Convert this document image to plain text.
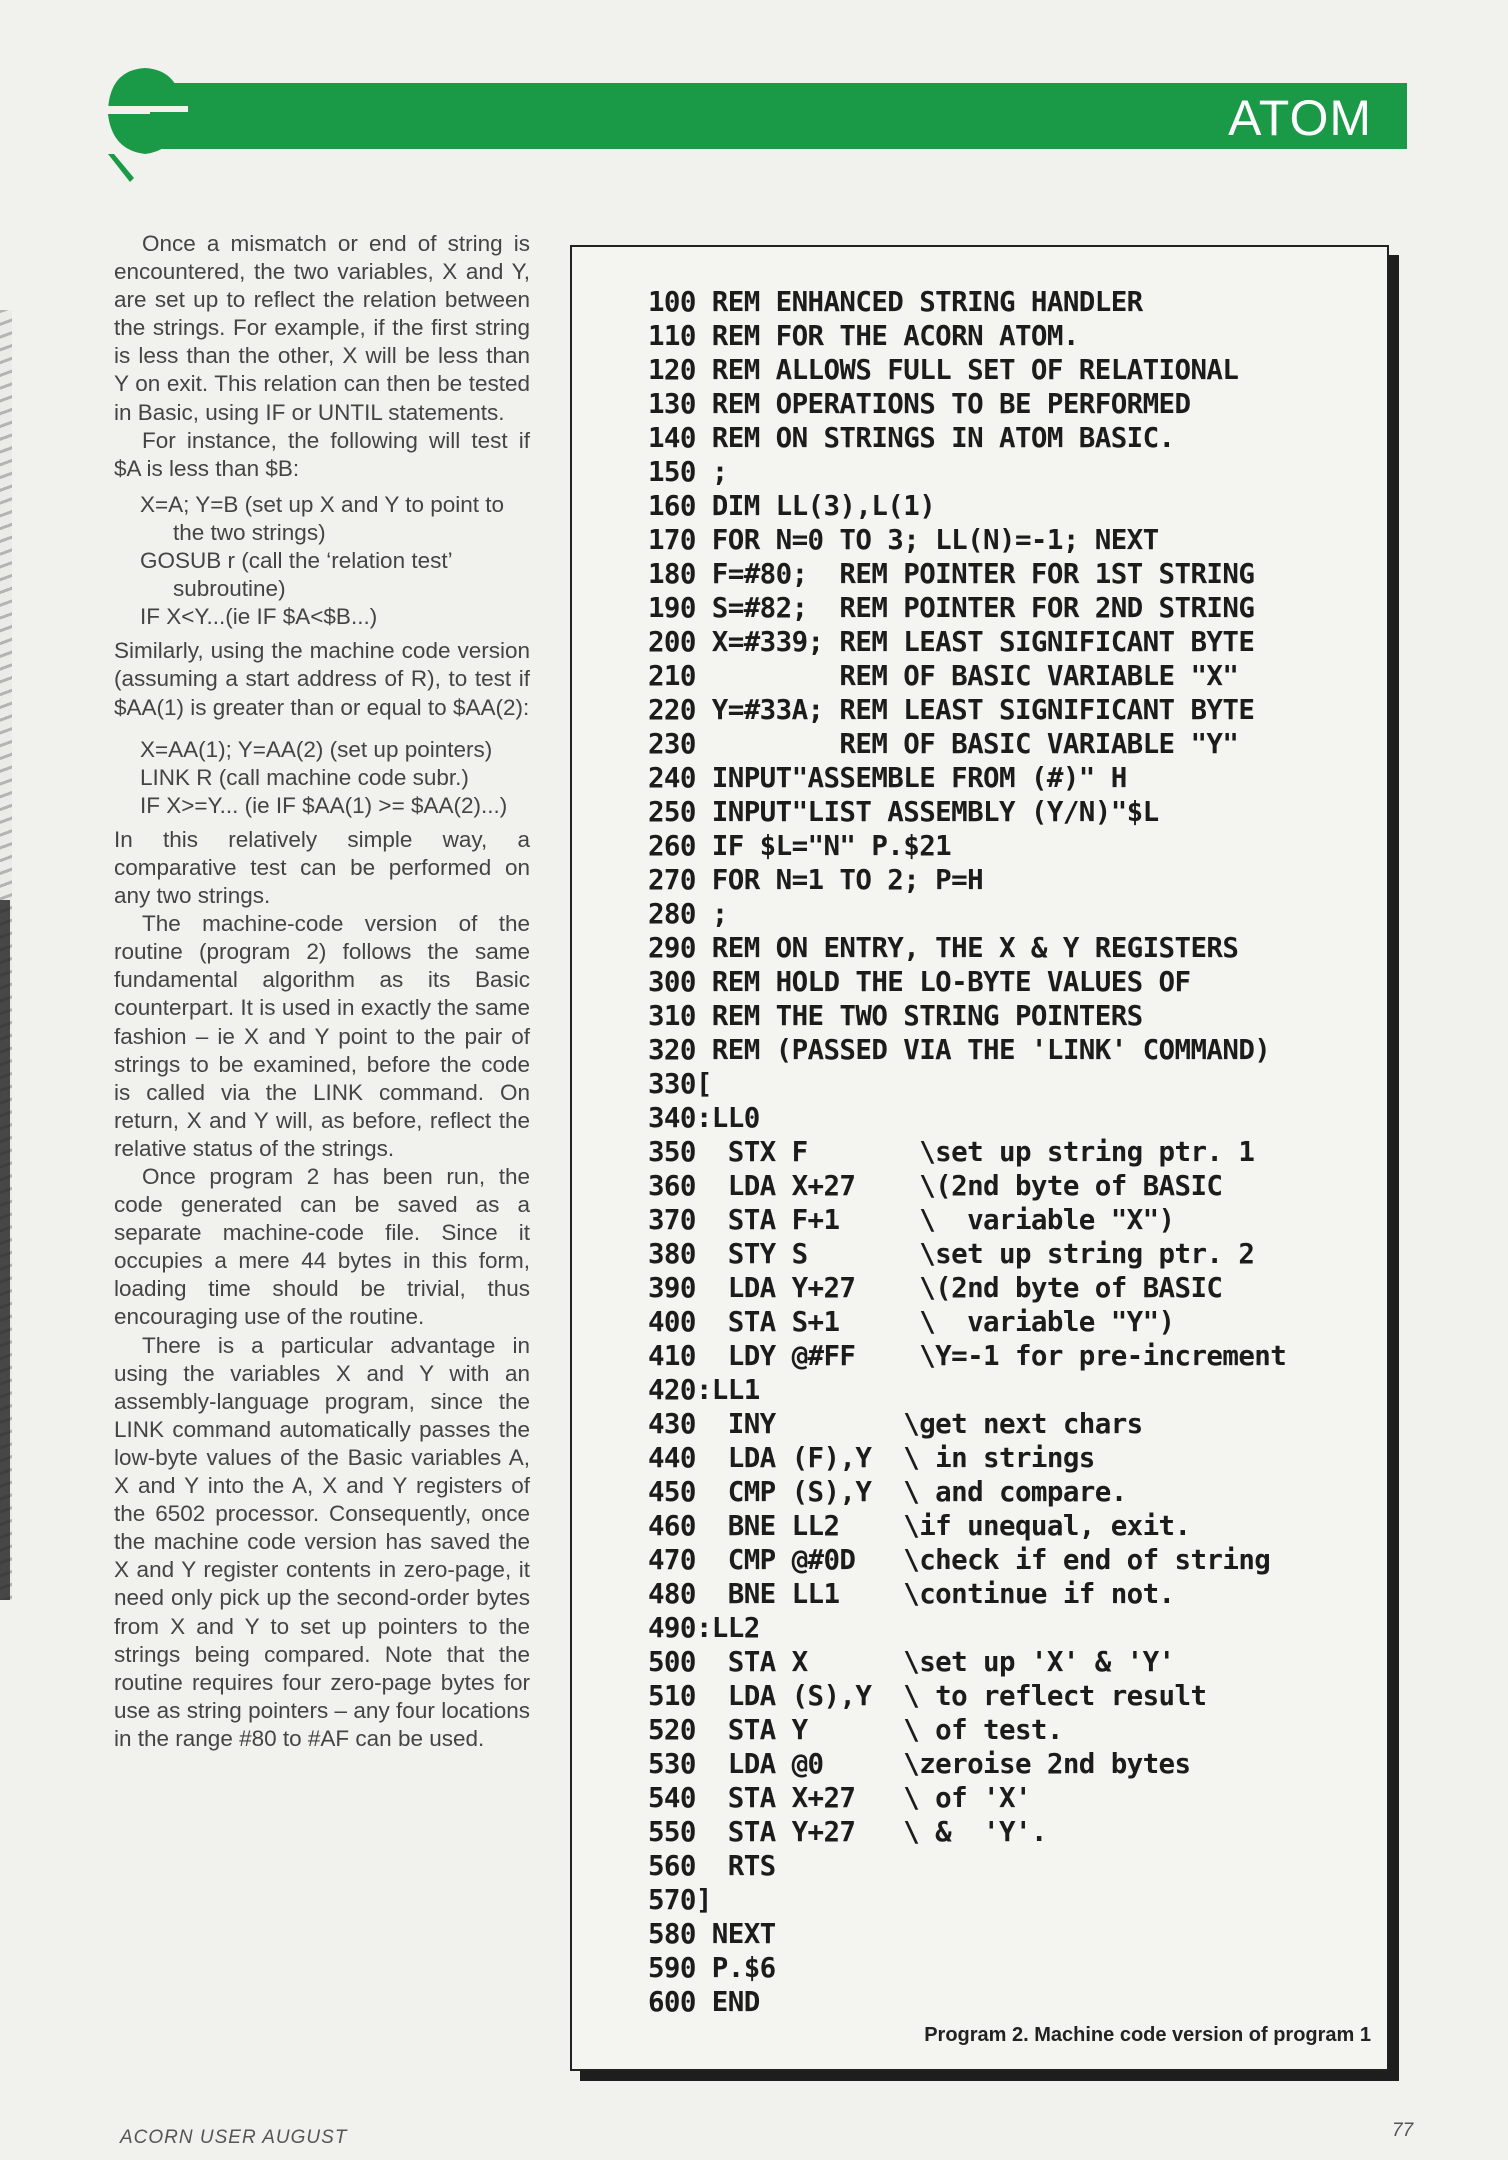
ATOM

Once a mismatch or end of string is encountered, the two variables, X and Y, are set up to reflect the relation between the strings. For example, if the first string is less than the other, X will be less than Y on exit. This relation can then be tested in Basic, using IF or UNTIL statements.

For instance, the following will test if $A is less than $B:

X=A; Y=B (set up X and Y to point to the two strings)
GOSUB r (call the ‘relation test’ subroutine)
IF X<Y...(ie IF $A<$B...)

Similarly, using the machine code version (assuming a start address of R), to test if $AA(1) is greater than or equal to $AA(2):

X=AA(1); Y=AA(2) (set up pointers)
LINK R (call machine code subr.)
IF X>=Y... (ie IF $AA(1) >= $AA(2)...)

In this relatively simple way, a comparative test can be performed on any two strings.

The machine-code version of the routine (program 2) follows the same fundamental algorithm as its Basic counterpart. It is used in exactly the same fashion – ie X and Y point to the pair of strings to be examined, before the code is called via the LINK command. On return, X and Y will, as before, reflect the relative status of the strings.

Once program 2 has been run, the code generated can be saved as a separate machine-code file. Since it occupies a mere 44 bytes in this form, loading time should be trivial, thus encouraging use of the routine.

There is a particular advantage in using the variables X and Y with an assembly-language program, since the LINK command automatically passes the low-byte values of the Basic variables A, X and Y into the A, X and Y registers of the 6502 processor. Consequently, once the machine code version has saved the X and Y register contents in zero-page, it need only pick up the second-order bytes from X and Y to set up pointers to the strings being compared. Note that the routine requires four zero-page bytes for use as string pointers – any four locations in the range #80 to #AF can be used.

100 REM ENHANCED STRING HANDLER
110 REM FOR THE ACORN ATOM.
120 REM ALLOWS FULL SET OF RELATIONAL
130 REM OPERATIONS TO BE PERFORMED
140 REM ON STRINGS IN ATOM BASIC.
150 ;
160 DIM LL(3),L(1)
170 FOR N=0 TO 3; LL(N)=-1; NEXT
180 F=#80;  REM POINTER FOR 1ST STRING
190 S=#82;  REM POINTER FOR 2ND STRING
200 X=#339; REM LEAST SIGNIFICANT BYTE
210         REM OF BASIC VARIABLE "X"
220 Y=#33A; REM LEAST SIGNIFICANT BYTE
230         REM OF BASIC VARIABLE "Y"
240 INPUT"ASSEMBLE FROM (#)" H
250 INPUT"LIST ASSEMBLY (Y/N)"$L
260 IF $L="N" P.$21
270 FOR N=1 TO 2; P=H
280 ;
290 REM ON ENTRY, THE X & Y REGISTERS
300 REM HOLD THE LO-BYTE VALUES OF
310 REM THE TWO STRING POINTERS
320 REM (PASSED VIA THE 'LINK' COMMAND)
330[
340:LL0
350  STX F       \set up string ptr. 1
360  LDA X+27    \(2nd byte of BASIC
370  STA F+1     \  variable "X")
380  STY S       \set up string ptr. 2
390  LDA Y+27    \(2nd byte of BASIC
400  STA S+1     \  variable "Y")
410  LDY @#FF    \Y=-1 for pre-increment
420:LL1
430  INY        \get next chars
440  LDA (F),Y  \ in strings
450  CMP (S),Y  \ and compare.
460  BNE LL2    \if unequal, exit.
470  CMP @#0D   \check if end of string
480  BNE LL1    \continue if not.
490:LL2
500  STA X      \set up 'X' & 'Y'
510  LDA (S),Y  \ to reflect result
520  STA Y      \ of test.
530  LDA @0     \zeroise 2nd bytes
540  STA X+27   \ of 'X'
550  STA Y+27   \ &  'Y'.
560  RTS
570]
580 NEXT
590 P.$6
600 END
Program 2. Machine code version of program 1
ACORN USER AUGUST	77
